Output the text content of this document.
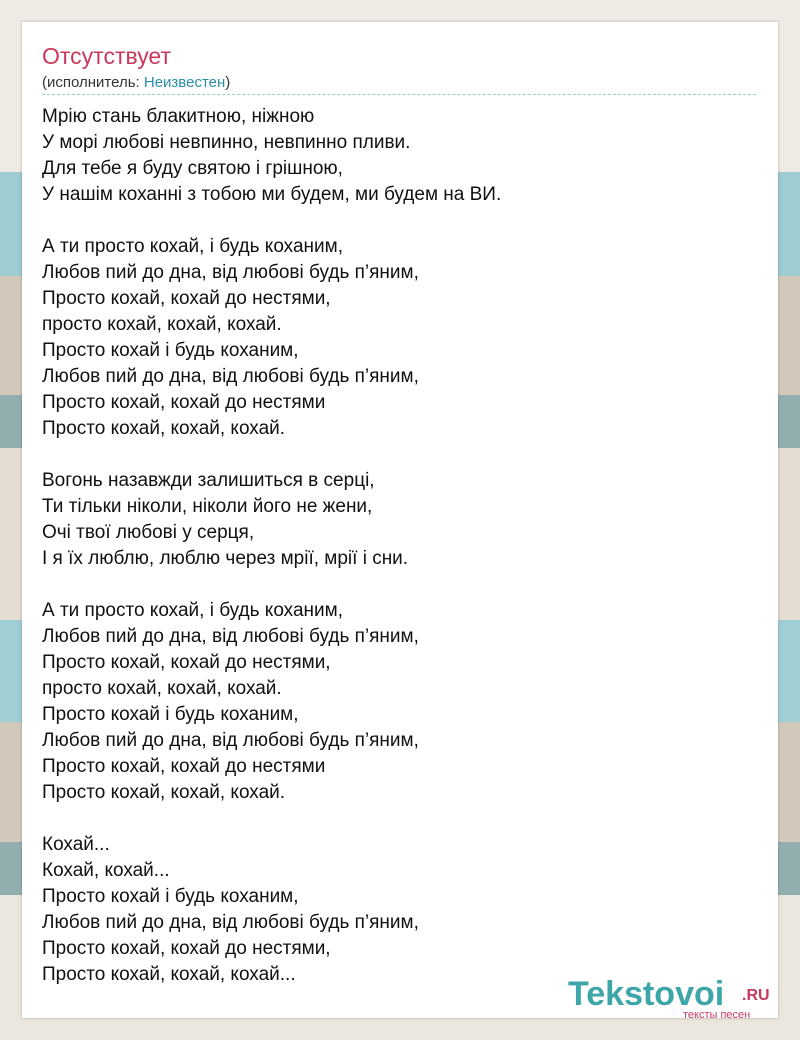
Отсутствует
(исполнитель: Неизвестен)
Мрію стань блакитною, ніжною
У морі любові невпинно, невпинно пливи.
Для тебе я буду святою і грішною,
У нашім коханні з тобою ми будем, ми будем на ВИ.
А ти просто кохай, і будь коханим,
Любов пий до дна, від любові будь п’яним,
Просто кохай, кохай до нестями,
просто кохай, кохай, кохай.
Просто кохай і будь коханим,
Любов пий до дна, від любові будь п’яним,
Просто кохай, кохай до нестями
Просто кохай, кохай, кохай.
Вогонь назавжди залишиться в серці,
Ти тільки ніколи, ніколи його не жени,
Очі твої любові у серця,
І я їх люблю, люблю через мрії, мрії і сни.
А ти просто кохай, і будь коханим,
Любов пий до дна, від любові будь п’яним,
Просто кохай, кохай до нестями,
просто кохай, кохай, кохай.
Просто кохай і будь коханим,
Любов пий до дна, від любові будь п’яним,
Просто кохай, кохай до нестями
Просто кохай, кохай, кохай.
Кохай...
Кохай, кохай...
Просто кохай і будь коханим,
Любов пий до дна, від любові будь п’яним,
Просто кохай, кохай до нестями,
Просто кохай, кохай, кохай...
Tekstovoi .RU
тексты песен
